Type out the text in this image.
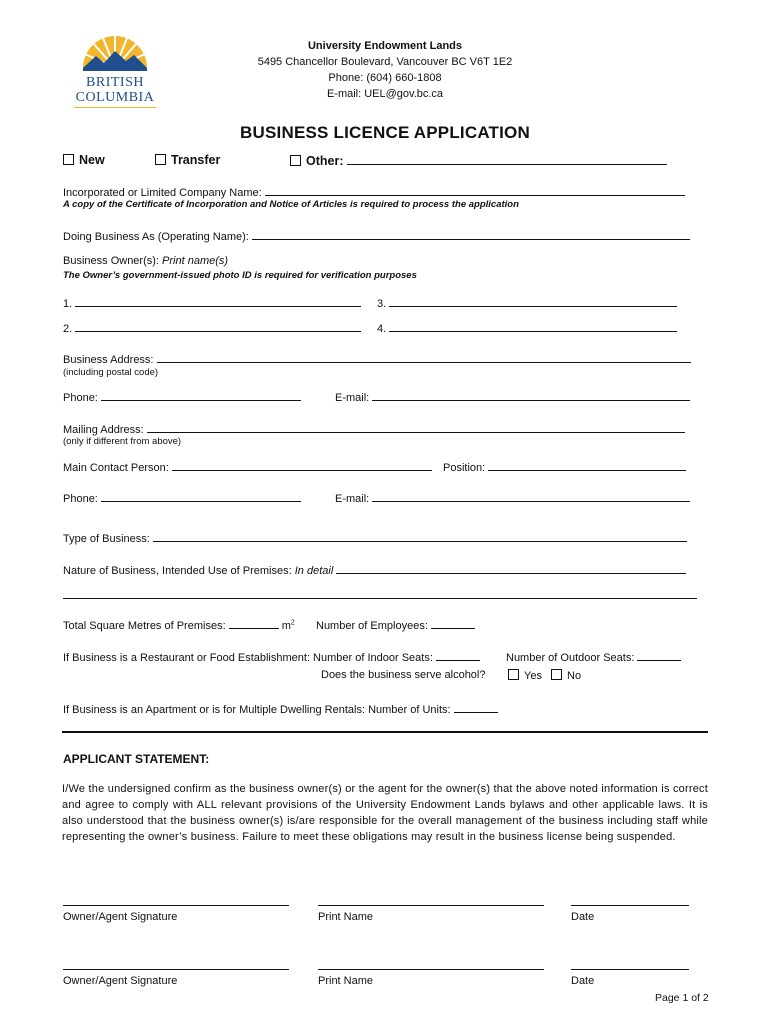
BRITISH
COLUMBIA
University Endowment Lands
5495 Chancellor Boulevard, Vancouver BC V6T 1E2
Phone: (604) 660-1808
E-mail: UEL@gov.bc.ca
BUSINESS LICENCE APPLICATION
New	Transfer	Other:
Incorporated or Limited Company Name:
A copy of the Certificate of Incorporation and Notice of Articles is required to process the application
Doing Business As (Operating Name):
Business Owner(s): Print name(s)
The Owner’s government-issued photo ID is required for verification purposes
1.	3.
2.	4.
Business Address:
(including postal code)
Phone:	E-mail:
Mailing Address:
(only if different from above)
Main Contact Person:	Position:
Phone:	E-mail:
Type of Business:
Nature of Business, Intended Use of Premises: In detail
Total Square Metres of Premises:	$m^2$ Number of Employees:
If Business is a Restaurant or Food Establishment: Number of Indoor Seats:	Number of Outdoor Seats:
Does the business serve alcohol?	Yes	No
If Business is an Apartment or is for Multiple Dwelling Rentals: Number of Units:
APPLICANT STATEMENT:
I/We the undersigned confirm as the business owner(s) or the agent for the owner(s) that the above noted information is correct and agree to comply with ALL relevant provisions of the University Endowment Lands bylaws and other applicable laws. It is also understood that the business owner(s) is/are responsible for the overall management of the business including staff while representing the owner’s business. Failure to meet these obligations may result in the business license being suspended.
Owner/Agent Signature	Print Name	Date
Owner/Agent Signature	Print Name	Date
Page 1 of 2
